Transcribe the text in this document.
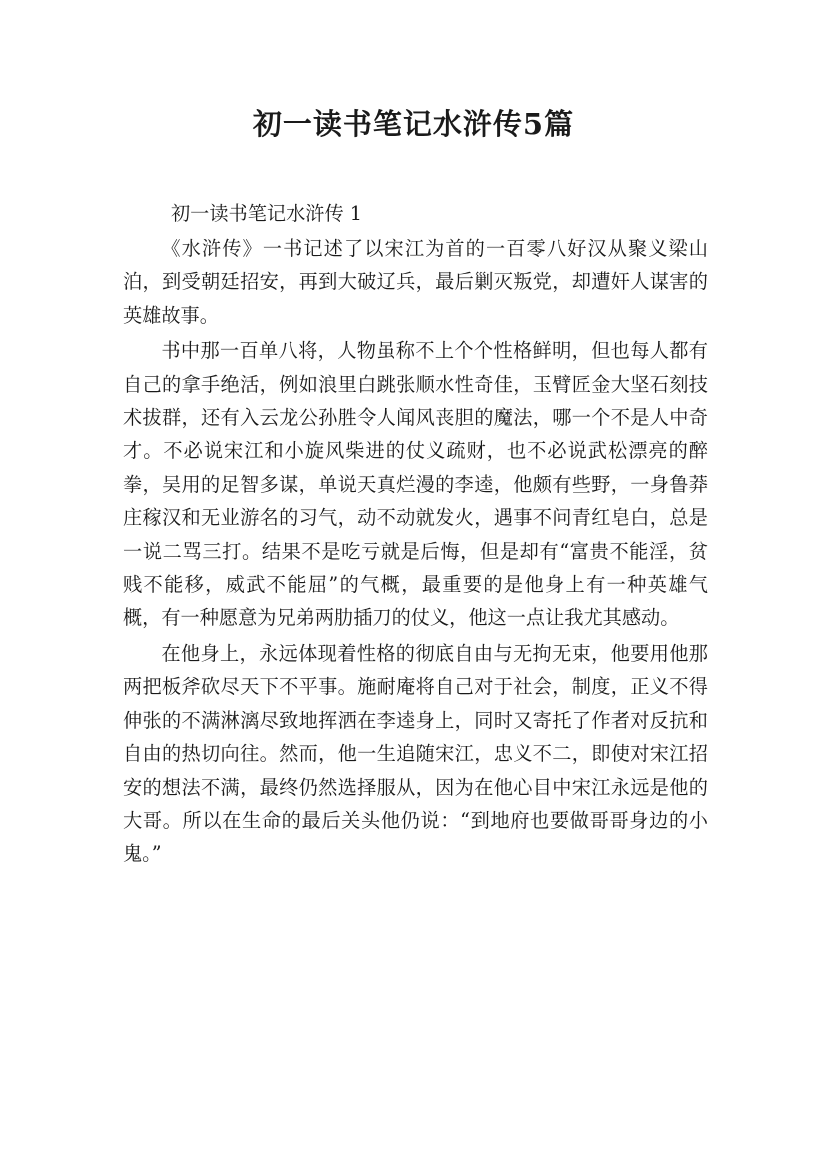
初一读书笔记水浒传5篇

初一读书笔记水浒传 1

《水浒传》一书记述了以宋江为首的一百零八好汉从聚义梁山泊，到受朝廷招安，再到大破辽兵，最后剿灭叛党，却遭奸人谋害的英雄故事。

书中那一百单八将，人物虽称不上个个性格鲜明，但也每人都有自己的拿手绝活，例如浪里白跳张顺水性奇佳，玉臂匠金大坚石刻技术拔群，还有入云龙公孙胜令人闻风丧胆的魔法，哪一个不是人中奇才。不必说宋江和小旋风柴进的仗义疏财，也不必说武松漂亮的醉拳，吴用的足智多谋，单说天真烂漫的李逵，他颇有些野，一身鲁莽庄稼汉和无业游名的习气，动不动就发火，遇事不问青红皂白，总是一说二骂三打。结果不是吃亏就是后悔，但是却有“富贵不能淫，贫贱不能移，威武不能屈”的气概，最重要的是他身上有一种英雄气概，有一种愿意为兄弟两肋插刀的仗义，他这一点让我尤其感动。

在他身上，永远体现着性格的彻底自由与无拘无束，他要用他那两把板斧砍尽天下不平事。施耐庵将自己对于社会，制度，正义不得伸张的不满淋漓尽致地挥洒在李逵身上，同时又寄托了作者对反抗和自由的热切向往。然而，他一生追随宋江，忠义不二，即使对宋江招安的想法不满，最终仍然选择服从，因为在他心目中宋江永远是他的大哥。所以在生命的最后关头他仍说：“到地府也要做哥哥身边的小鬼。”
